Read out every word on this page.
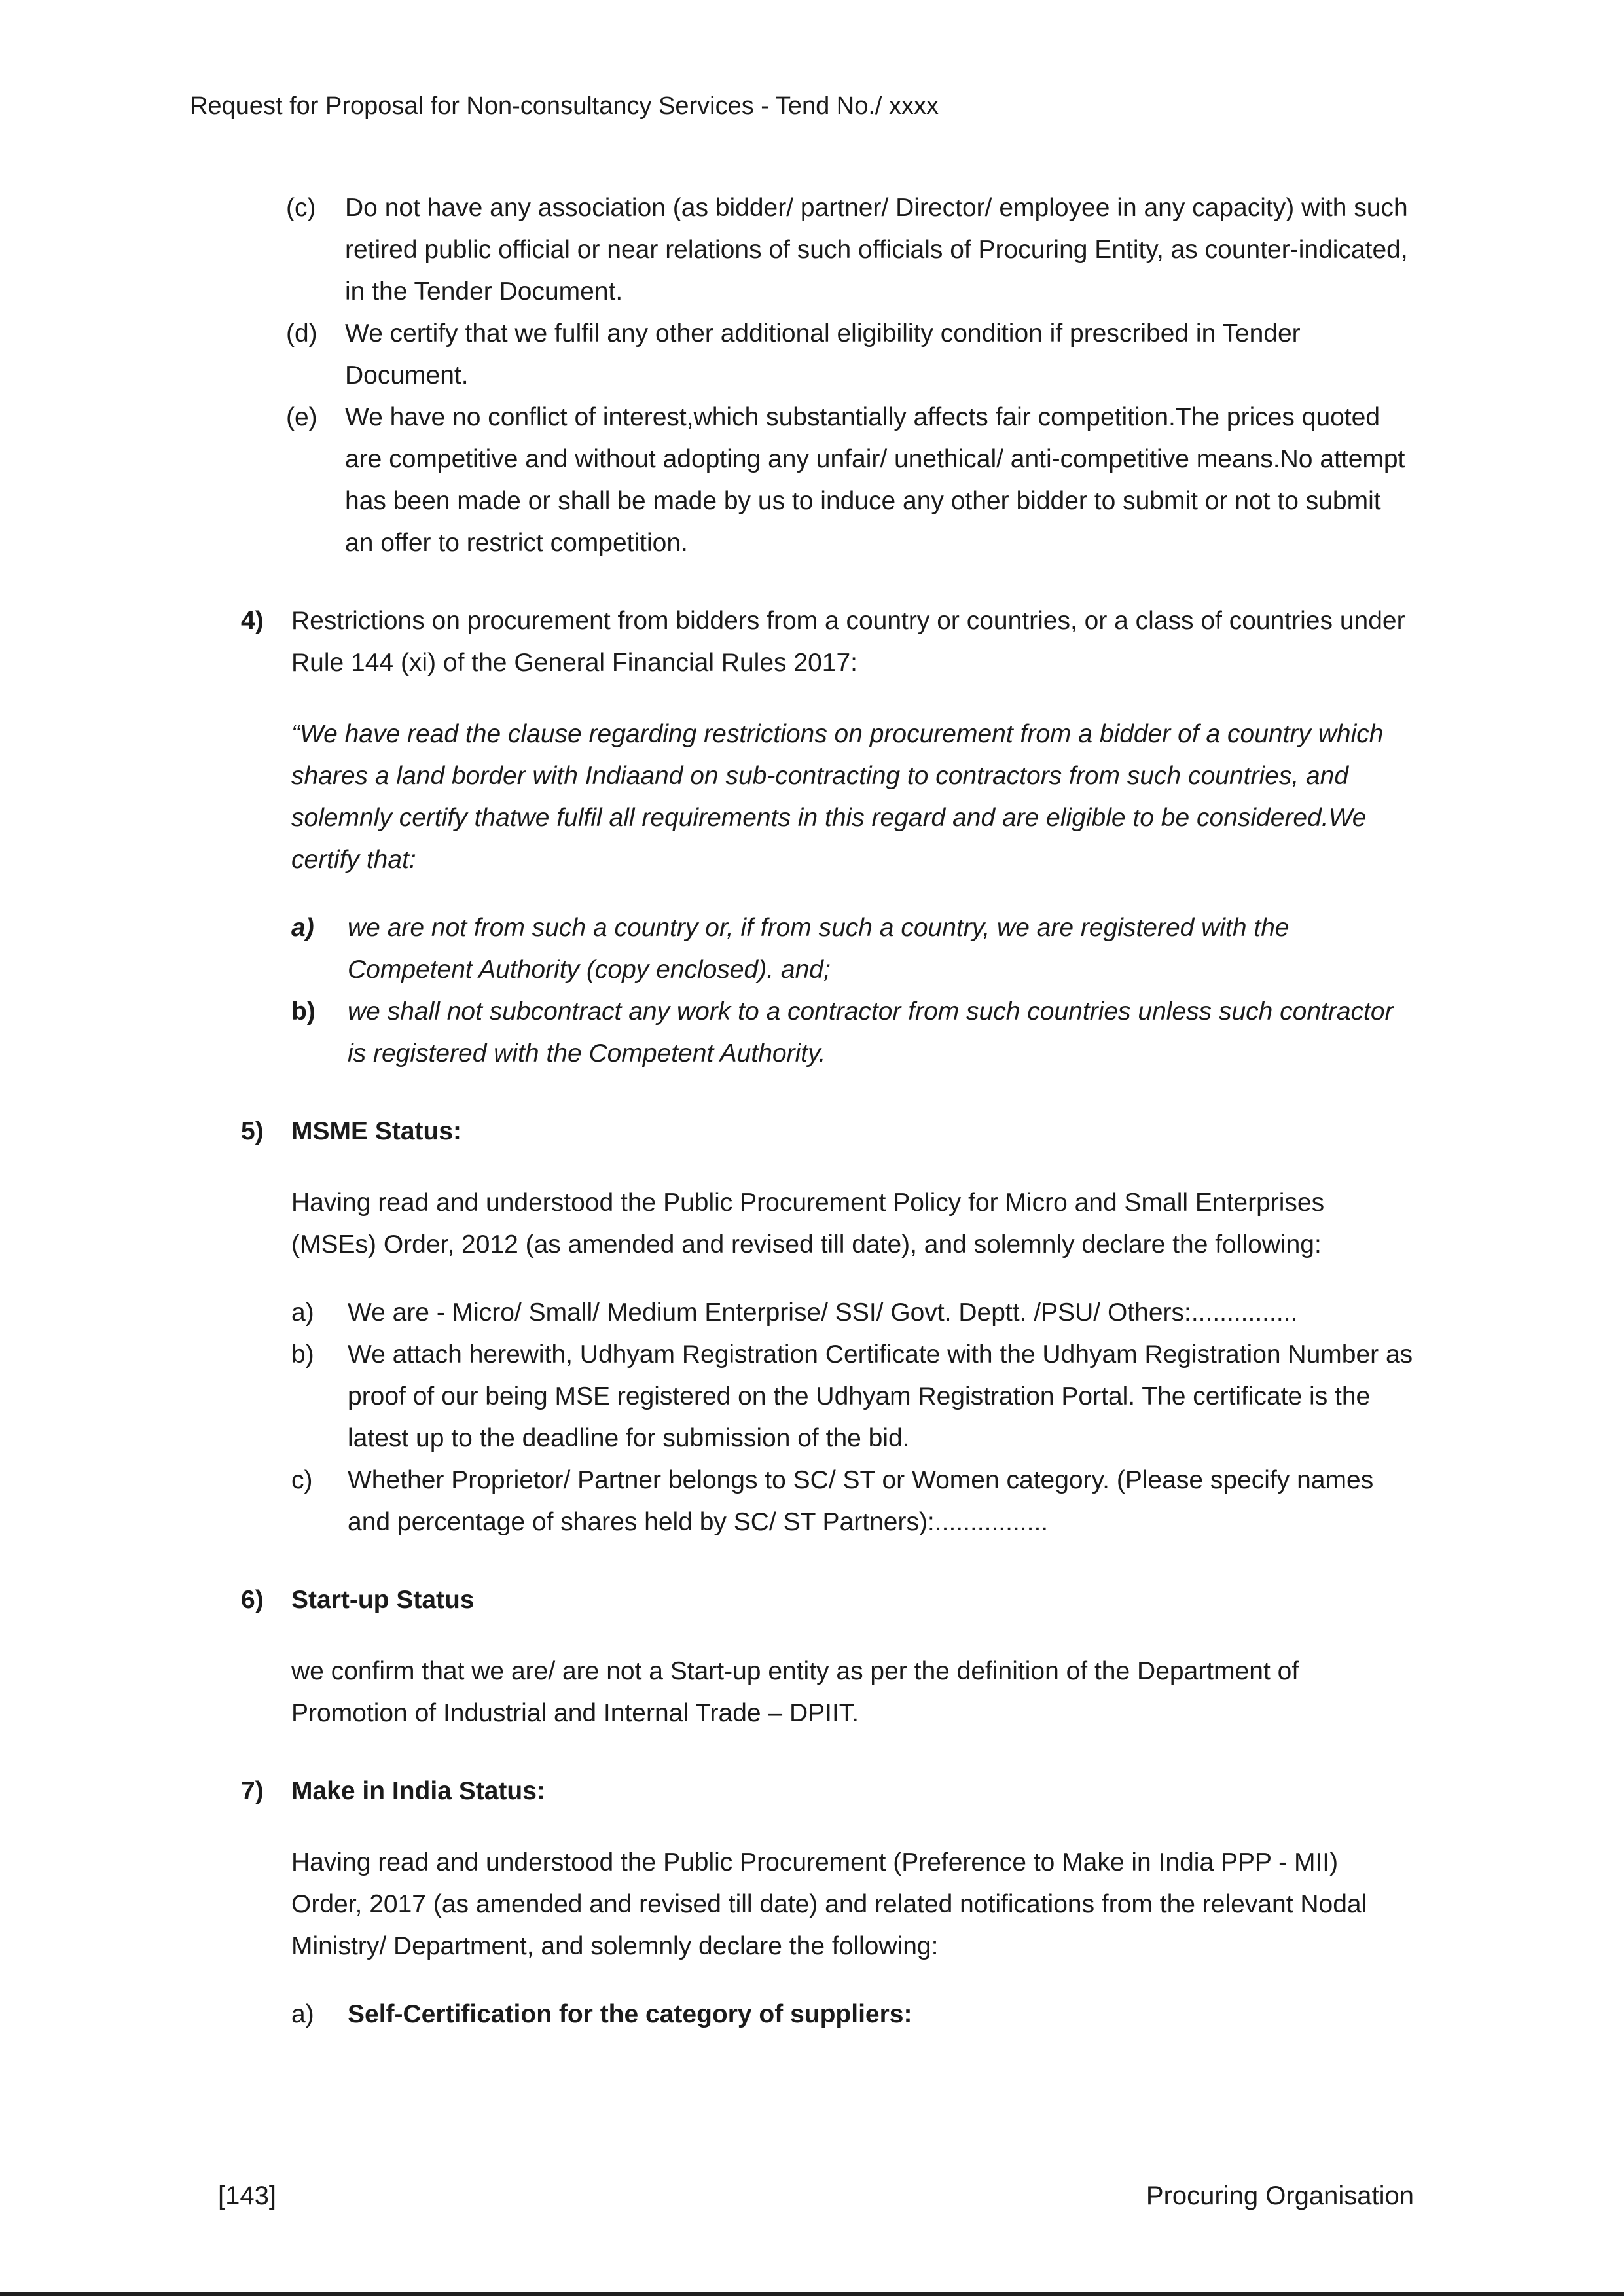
Request for Proposal for Non-consultancy Services - Tend No./ xxxx
(c)	Do not have any association (as bidder/ partner/ Director/ employee in any capacity) with such retired public official or near relations of such officials of Procuring Entity, as counter-indicated, in the Tender Document.
(d)	We certify that we fulfil any other additional eligibility condition if prescribed in Tender Document.
(e)	We have no conflict of interest,which substantially affects fair competition.The prices quoted are competitive and without adopting any unfair/ unethical/ anti-competitive means.No attempt has been made or shall be made by us to induce any other bidder to submit or not to submit an offer to restrict competition.
4)	Restrictions on procurement from bidders from a country or countries, or a class of countries under Rule 144 (xi) of the General Financial Rules 2017:

“We have read the clause regarding restrictions on procurement from a bidder of a country which shares a land border with Indiaand on sub-contracting to contractors from such countries, and solemnly certify thatwe fulfil all requirements in this regard and are eligible to be considered.We certify that:

a)	we are not from such a country or, if from such a country, we are registered with the Competent Authority (copy enclosed). and;
b)	we shall not subcontract any work to a contractor from such countries unless such contractor is registered with the Competent Authority.
5)	MSME Status:

Having read and understood the Public Procurement Policy for Micro and Small Enterprises (MSEs) Order, 2012 (as amended and revised till date), and solemnly declare the following:

a)	We are - Micro/ Small/ Medium Enterprise/ SSI/ Govt. Deptt. /PSU/ Others:...............
b)	We attach herewith, Udhyam Registration Certificate with the Udhyam Registration Number as proof of our being MSE registered on the Udhyam Registration Portal. The certificate is the latest up to the deadline for submission of the bid.
c)	Whether Proprietor/ Partner belongs to SC/ ST or Women category. (Please specify names and percentage of shares held by SC/ ST Partners):................
6)	Start-up Status

we confirm that we are/ are not a Start-up entity as per the definition of the Department of Promotion of Industrial and Internal Trade – DPIIT.

7)	Make in India Status:

Having read and understood the Public Procurement (Preference to Make in India PPP - MII) Order, 2017 (as amended and revised till date) and related notifications from the relevant Nodal Ministry/ Department, and solemnly declare the following:

a)	Self-Certification for the category of suppliers:
[143]	Procuring Organisation
